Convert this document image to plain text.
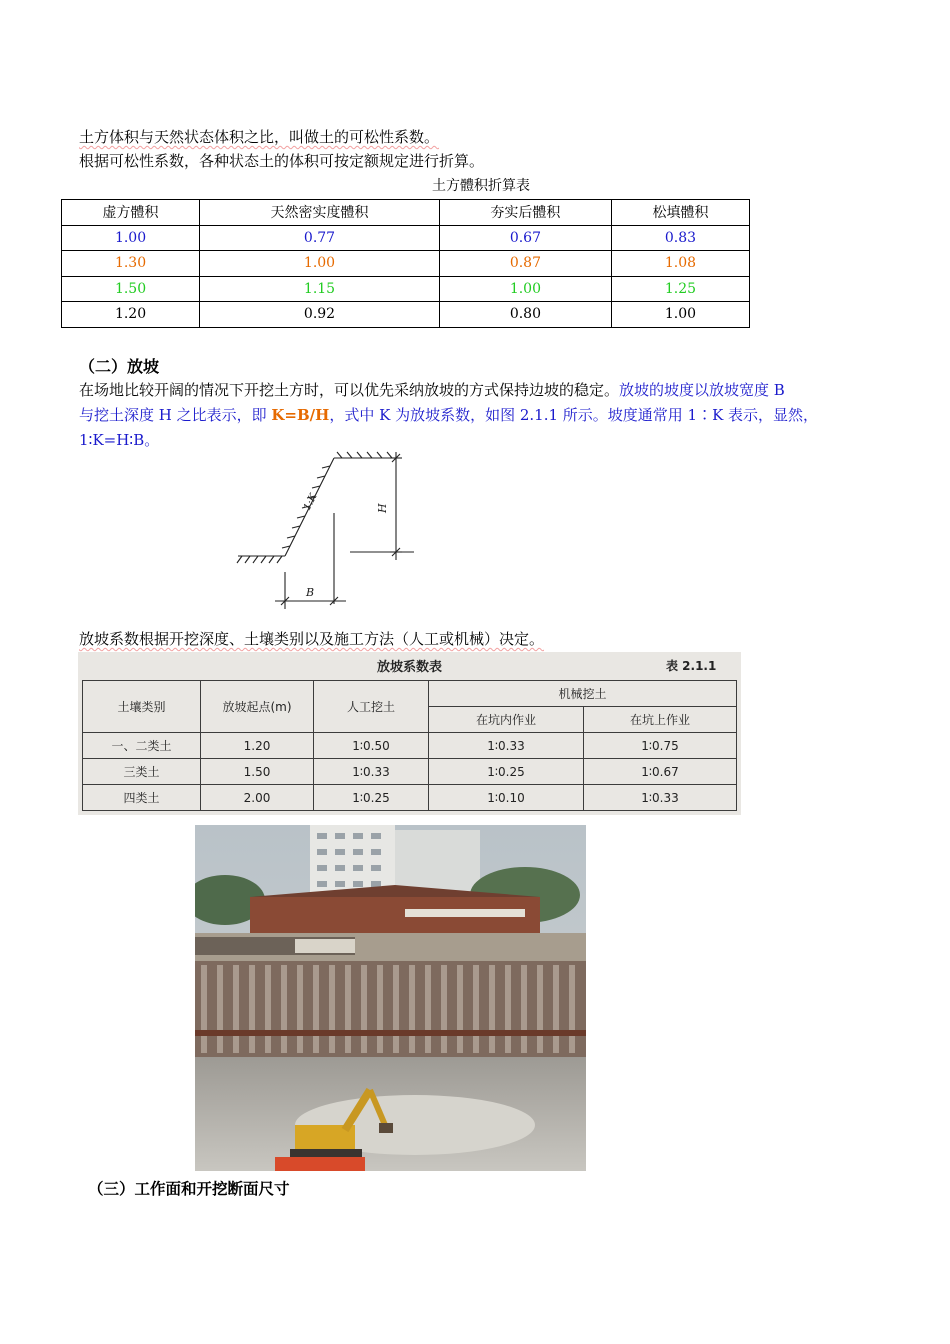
土方体积与天然状态体积之比，叫做土的可松性系数。
根据可松性系数，各种状态土的体积可按定额规定进行折算。
土方體积折算表
虚方體积	天然密实度體积	夯实后體积	松填體积
1.00	0.77	0.67	0.83
1.30	1.00	0.87	1.08
1.50	1.15	1.00	1.25
1.20	0.92	0.80	1.00
（二）放坡
在场地比较开阔的情况下开挖土方时，可以优先采纳放坡的方式保持边坡的稳定。放坡的坡度以放坡宽度 B
与挖土深度 H 之比表示，即 K=B/H，式中 K 为放坡系数，如图 2.1.1 所示。坡度通常用 1∶K 表示，显然，
1∶K=H∶B。
1:K	H
B
放坡系数根据开挖深度、土壤类别以及施工方法（人工或机械）决定。
放坡系数表	表 2.1.1
土壤类别	放坡起点(m)	人工挖土	机械挖土	
			在坑内作业	在坑上作业
一、二类土	1.20	1∶0.50	1∶0.33	1∶0.75
三类土	1.50	1∶0.33	1∶0.25	1∶0.67
四类土	2.00	1∶0.25	1∶0.10	1∶0.33
（三）工作面和开挖断面尺寸
